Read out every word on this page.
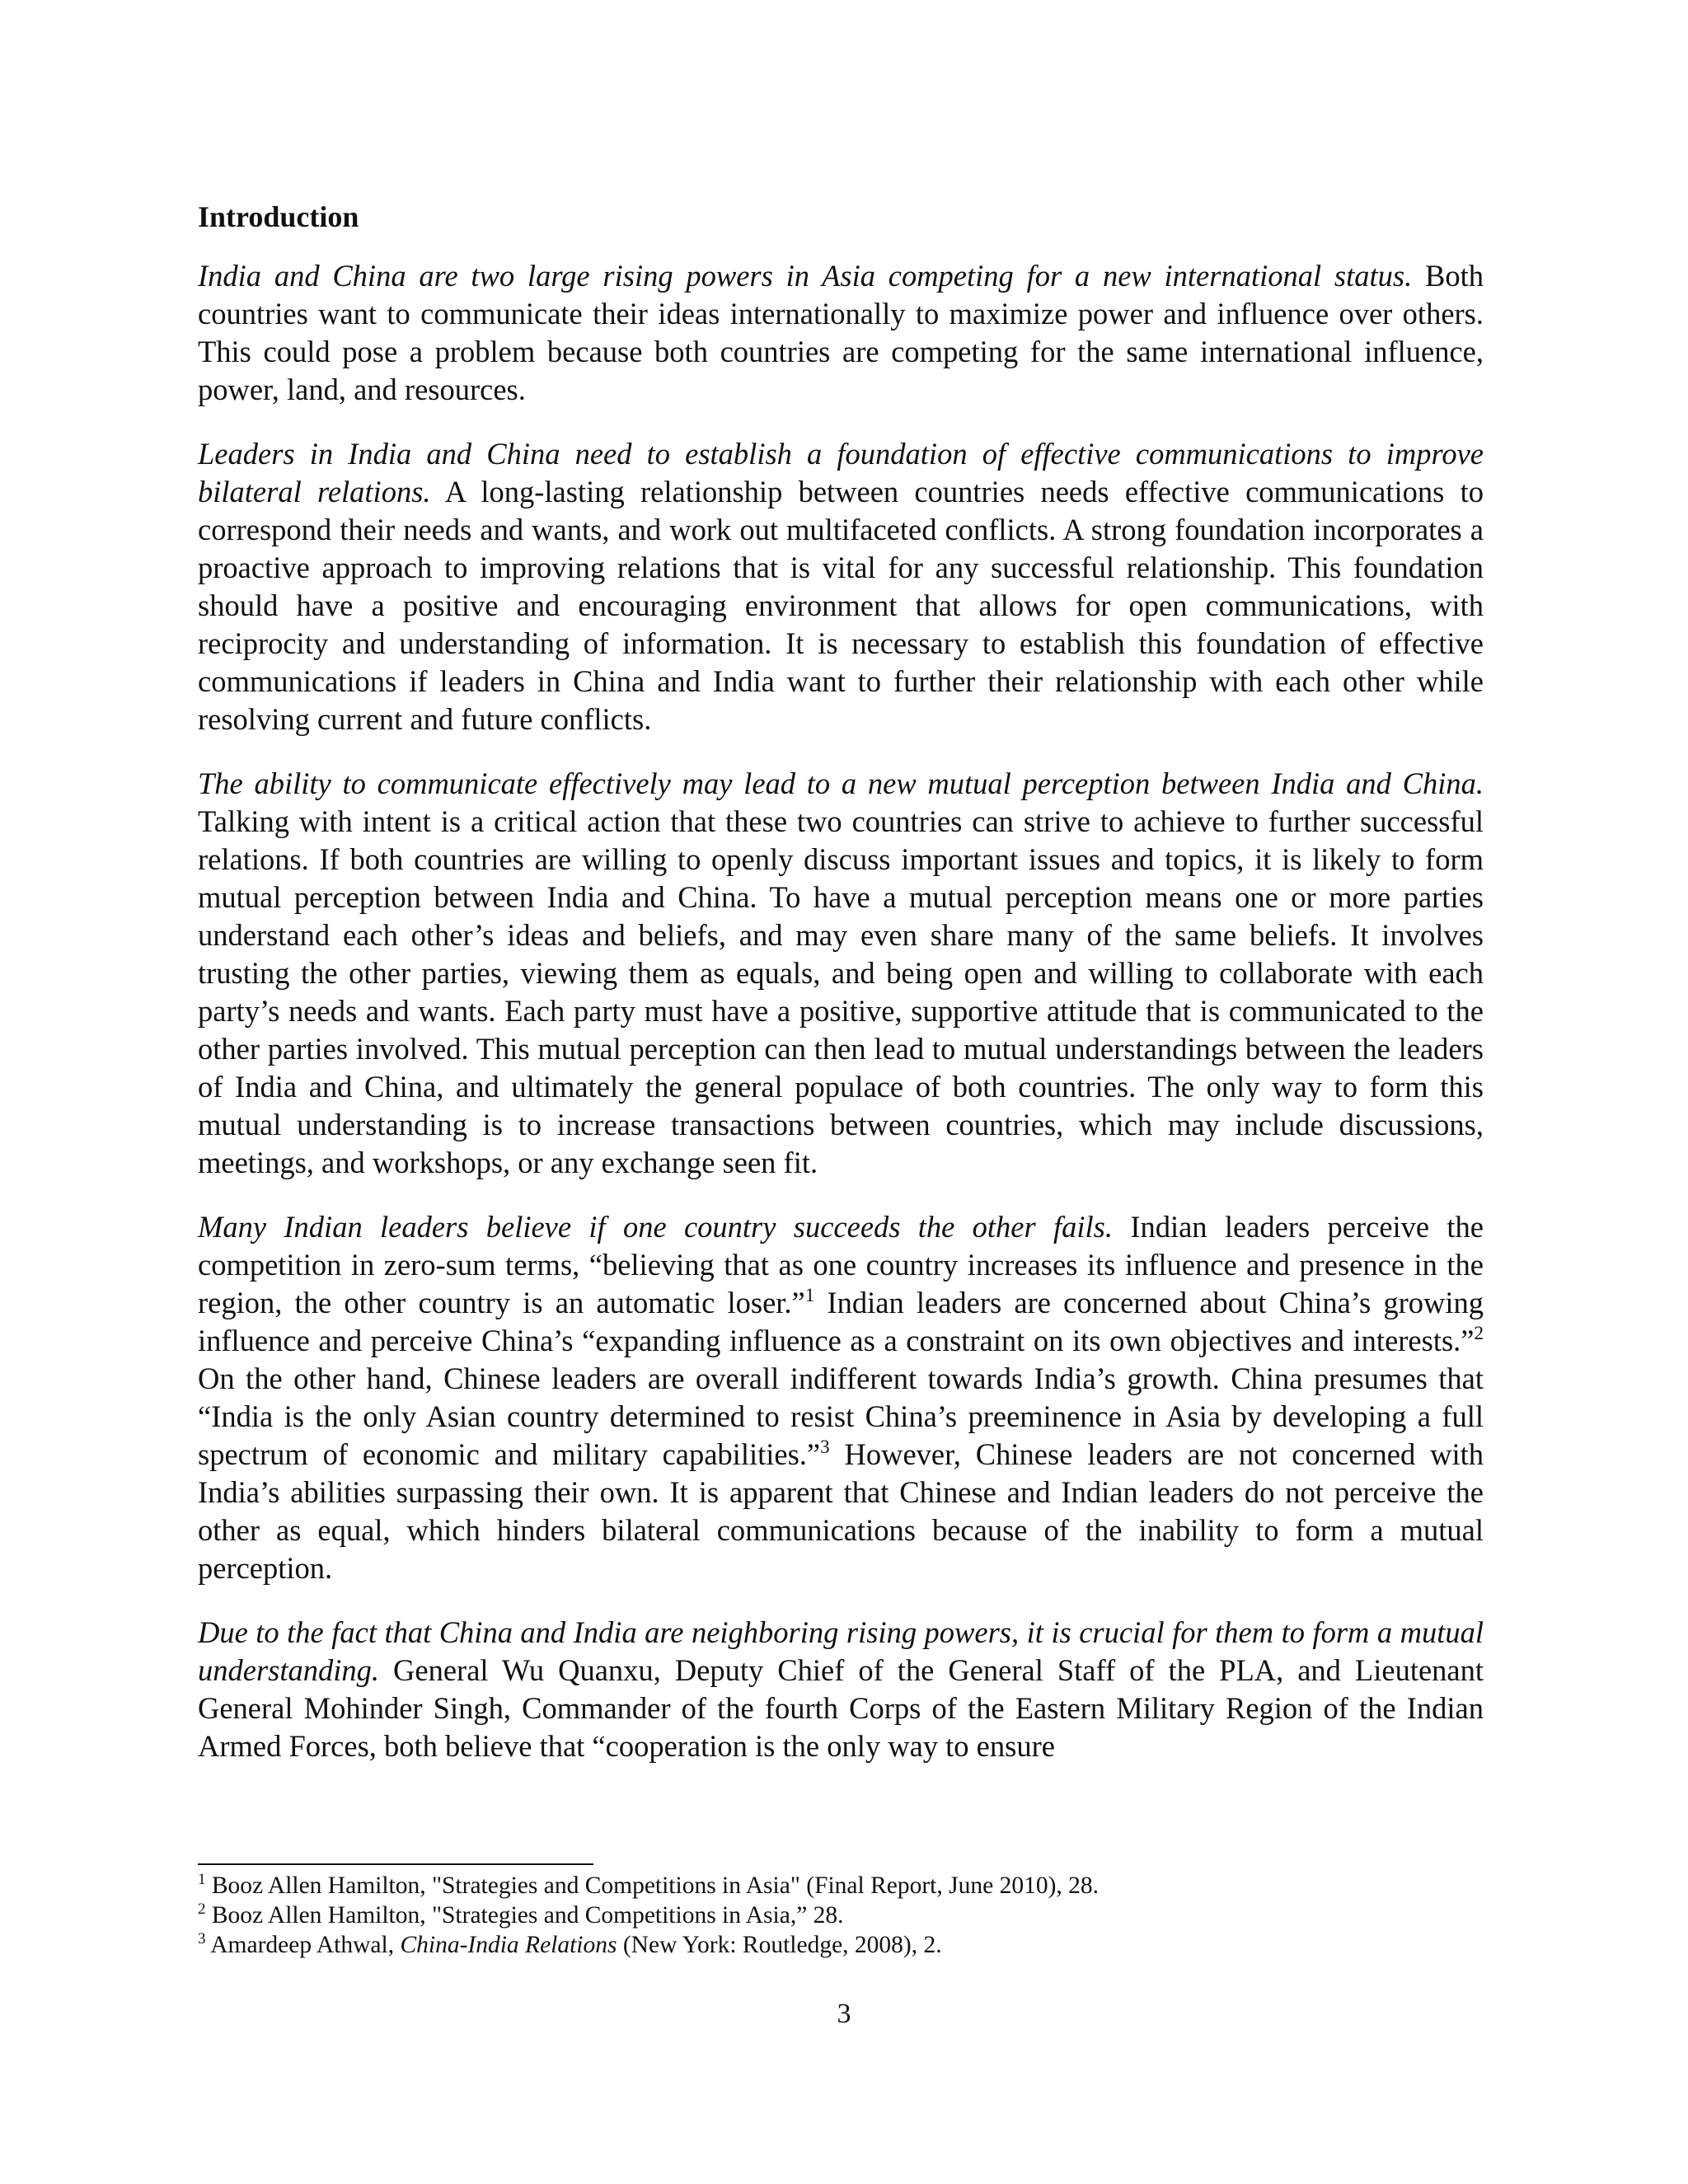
Introduction

India and China are two large rising powers in Asia competing for a new international status. Both countries want to communicate their ideas internationally to maximize power and influence over others. This could pose a problem because both countries are competing for the same international influence, power, land, and resources.

Leaders in India and China need to establish a foundation of effective communications to improve bilateral relations. A long-lasting relationship between countries needs effective communications to correspond their needs and wants, and work out multifaceted conflicts. A strong foundation incorporates a proactive approach to improving relations that is vital for any successful relationship. This foundation should have a positive and encouraging environment that allows for open communications, with reciprocity and understanding of information. It is necessary to establish this foundation of effective communications if leaders in China and India want to further their relationship with each other while resolving current and future conflicts.

The ability to communicate effectively may lead to a new mutual perception between India and China. Talking with intent is a critical action that these two countries can strive to achieve to further successful relations. If both countries are willing to openly discuss important issues and topics, it is likely to form mutual perception between India and China. To have a mutual perception means one or more parties understand each other’s ideas and beliefs, and may even share many of the same beliefs. It involves trusting the other parties, viewing them as equals, and being open and willing to collaborate with each party’s needs and wants. Each party must have a positive, supportive attitude that is communicated to the other parties involved. This mutual perception can then lead to mutual understandings between the leaders of India and China, and ultimately the general populace of both countries. The only way to form this mutual understanding is to increase transactions between countries, which may include discussions, meetings, and workshops, or any exchange seen fit.

Many Indian leaders believe if one country succeeds the other fails. Indian leaders perceive the competition in zero-sum terms, “believing that as one country increases its influence and presence in the region, the other country is an automatic loser.”$^1$ Indian leaders are concerned about China’s growing influence and perceive China’s “expanding influence as a constraint on its own objectives and interests.”$^2$ On the other hand, Chinese leaders are overall indifferent towards India’s growth. China presumes that “India is the only Asian country determined to resist China’s preeminence in Asia by developing a full spectrum of economic and military capabilities.”$^3$ However, Chinese leaders are not concerned with India’s abilities surpassing their own. It is apparent that Chinese and Indian leaders do not perceive the other as equal, which hinders bilateral communications because of the inability to form a mutual perception.

Due to the fact that China and India are neighboring rising powers, it is crucial for them to form a mutual understanding. General Wu Quanxu, Deputy Chief of the General Staff of the PLA, and Lieutenant General Mohinder Singh, Commander of the fourth Corps of the Eastern Military Region of the Indian Armed Forces, both believe that “cooperation is the only way to ensure

$^1$ Booz Allen Hamilton, "Strategies and Competitions in Asia" (Final Report, June 2010), 28.

$^2$ Booz Allen Hamilton, "Strategies and Competitions in Asia,” 28.

$^3$ Amardeep Athwal, China-India Relations (New York: Routledge, 2008), 2.

3
